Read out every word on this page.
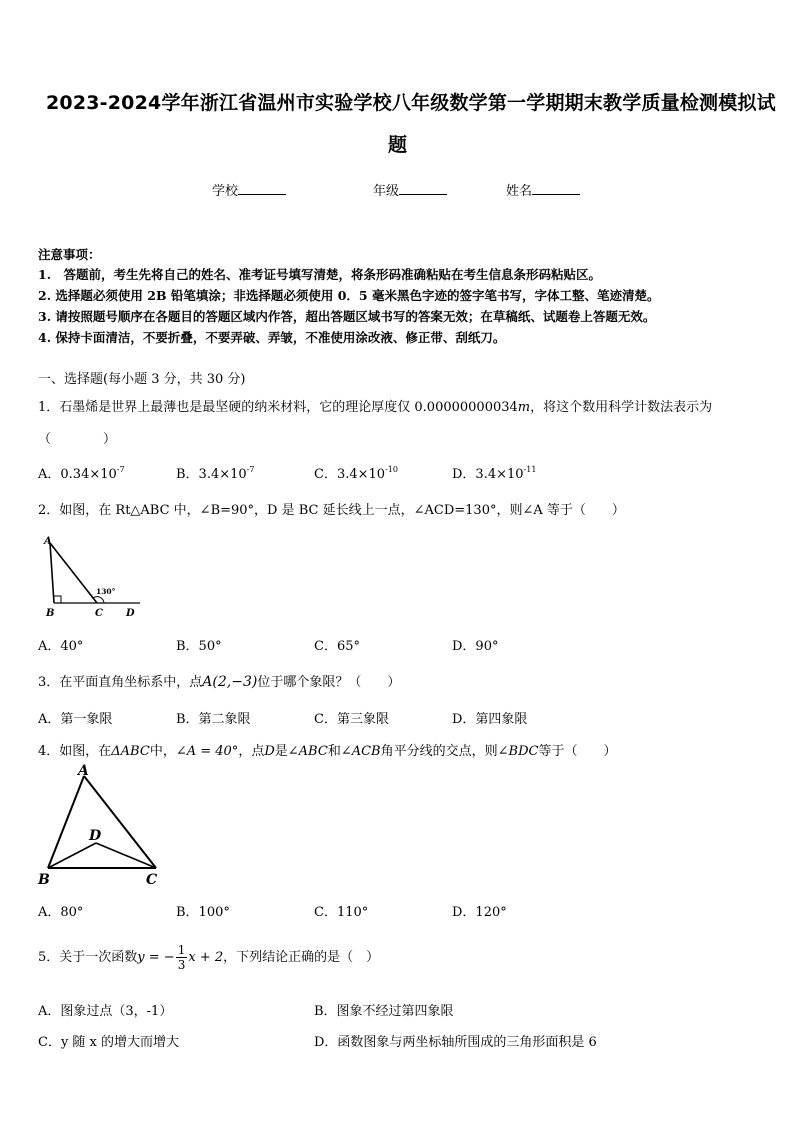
2023-2024学年浙江省温州市实验学校八年级数学第一学期期末教学质量检测模拟试
题
学校	年级	姓名
注意事项：
1.　答题前，考生先将自己的姓名、准考证号填写清楚，将条形码准确粘贴在考生信息条形码粘贴区。
2. 选择题必须使用 2B 铅笔填涂；非选择题必须使用 0．5 毫米黑色字迹的签字笔书写，字体工整、笔迹清楚。
3. 请按照题号顺序在各题目的答题区域内作答，超出答题区域书写的答案无效；在草稿纸、试题卷上答题无效。
4. 保持卡面清洁，不要折叠，不要弄破、弄皱，不准使用涂改液、修正带、刮纸刀。
一、选择题(每小题 3 分，共 30 分)
1．石墨烯是世界上最薄也是最坚硬的纳米材料，它的理论厚度仅 0.00000000034m，将这个数用科学计数法表示为
（　　　　）
A．$0.34\times 10^{-7}$	B．$3.4\times 10^{-7}$	C．$3.4\times 10^{-10}$	D．$3.4\times 10^{-11}$
2．如图，在 Rt△ABC 中，∠B=90°，D 是 BC 延长线上一点，∠ACD=130°，则∠A 等于（　　）
A
B	C D
130°
A．40°	B．50°	C．65°	D．90°
3．在平面直角坐标系中，点A(2,−3)位于哪个象限？（　　）
A．第一象限	B．第二象限	C．第三象限	D．第四象限
4．如图，在ΔABC中，∠A = 40°，点D是∠ABC和∠ACB角平分线的交点，则∠BDC等于（　　）
A
B	C
D
A．80°	B．100°	C．110°	D．120°
5．关于一次函数y = − $\frac{1}{3}$ x + 2，下列结论正确的是（　）
A．图象过点（3，-1）	B．图象不经过第四象限
C．y 随 x 的增大而增大	D．函数图象与两坐标轴所围成的三角形面积是 6
